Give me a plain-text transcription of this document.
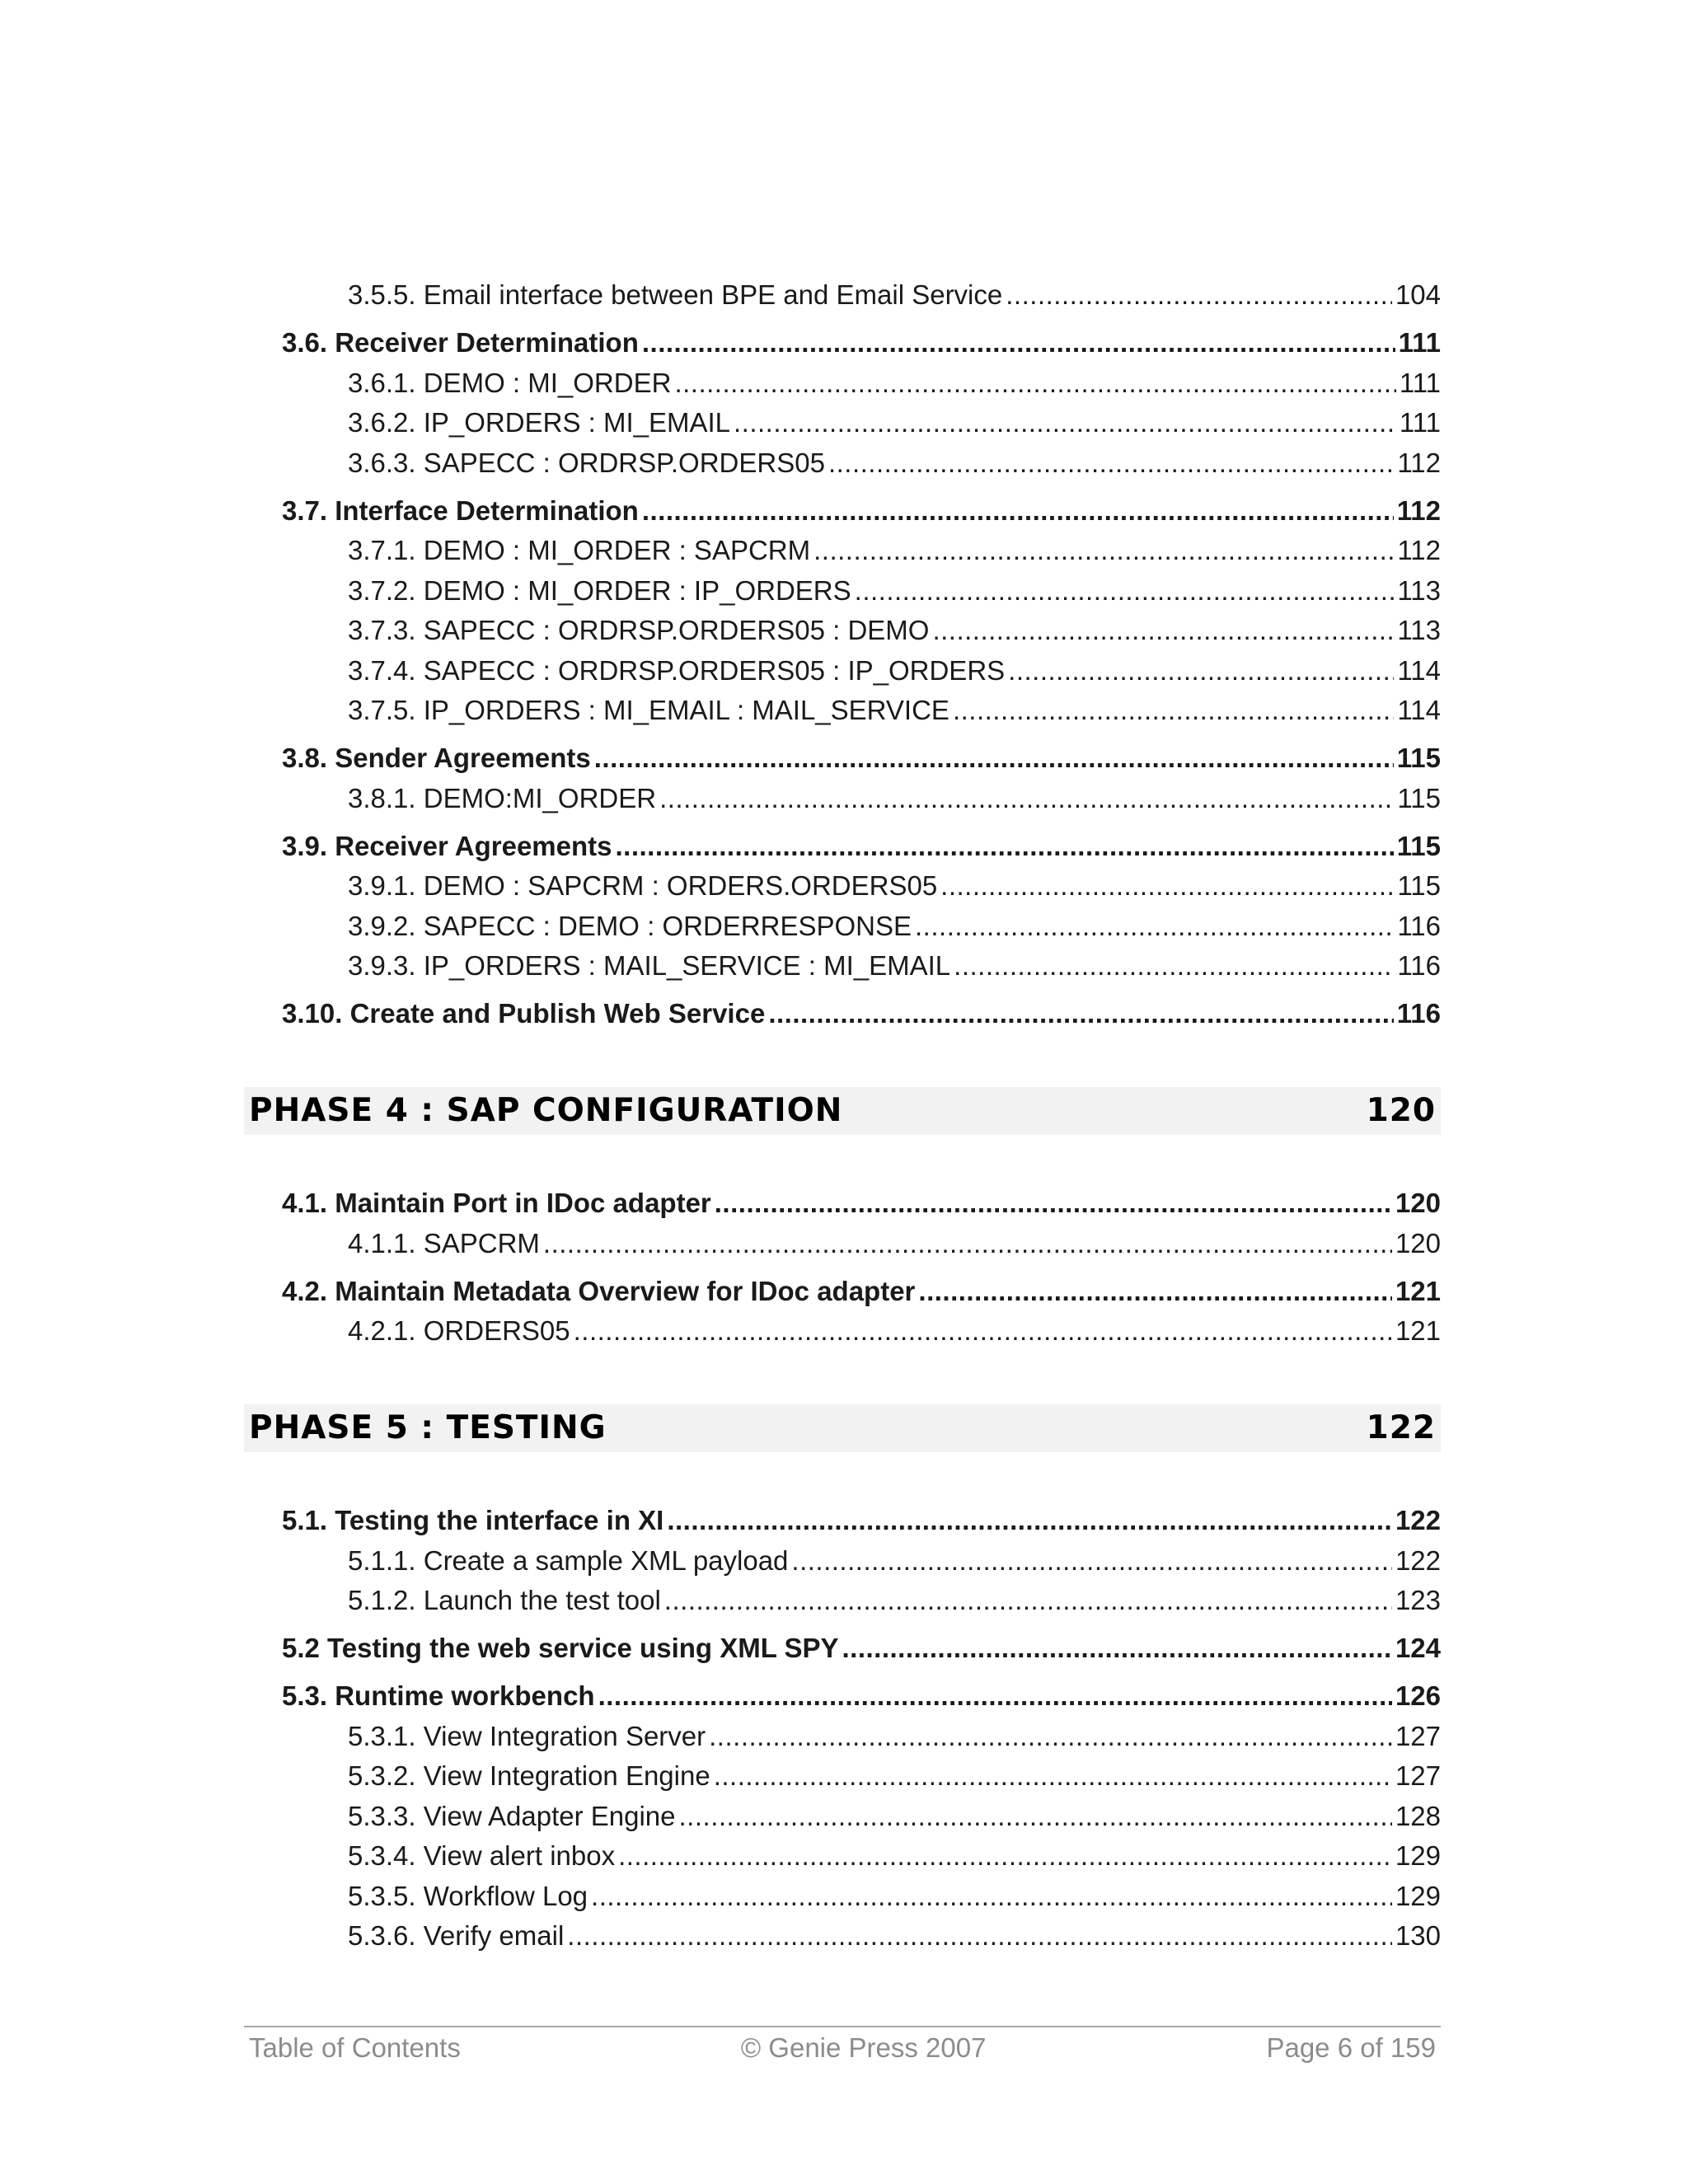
3.5.5. Email interface between BPE and Email Service .....	104
3.6. Receiver Determination .....	111
3.6.1. DEMO : MI_ORDER .....	111
3.6.2. IP_ORDERS : MI_EMAIL .....	111
3.6.3. SAPECC : ORDRSP.ORDERS05 .....	112
3.7. Interface Determination .....	112
3.7.1. DEMO : MI_ORDER : SAPCRM .....	112
3.7.2. DEMO : MI_ORDER : IP_ORDERS .....	113
3.7.3. SAPECC : ORDRSP.ORDERS05 : DEMO .....	113
3.7.4. SAPECC : ORDRSP.ORDERS05 : IP_ORDERS .....	114
3.7.5. IP_ORDERS : MI_EMAIL : MAIL_SERVICE .....	114
3.8. Sender Agreements .....	115
3.8.1. DEMO:MI_ORDER .....	115
3.9. Receiver Agreements .....	115
3.9.1. DEMO : SAPCRM : ORDERS.ORDERS05 .....	115
3.9.2. SAPECC : DEMO : ORDERRESPONSE .....	116
3.9.3. IP_ORDERS : MAIL_SERVICE : MI_EMAIL .....	116
3.10. Create and Publish Web Service .....	116
PHASE 4 : SAP CONFIGURATION	120
4.1. Maintain Port in IDoc adapter .....	120
4.1.1. SAPCRM .....	120
4.2. Maintain Metadata Overview for IDoc adapter .....	121
4.2.1. ORDERS05 .....	121
PHASE 5 : TESTING	122
5.1. Testing the interface in XI .....	122
5.1.1. Create a sample XML payload .....	122
5.1.2. Launch the test tool .....	123
5.2 Testing the web service using XML SPY .....	124
5.3. Runtime workbench .....	126
5.3.1. View Integration Server .....	127
5.3.2. View Integration Engine .....	127
5.3.3. View Adapter Engine .....	128
5.3.4. View alert inbox .....	129
5.3.5. Workflow Log .....	129
5.3.6. Verify email .....	130
Table of Contents	© Genie Press 2007	Page 6 of 159
